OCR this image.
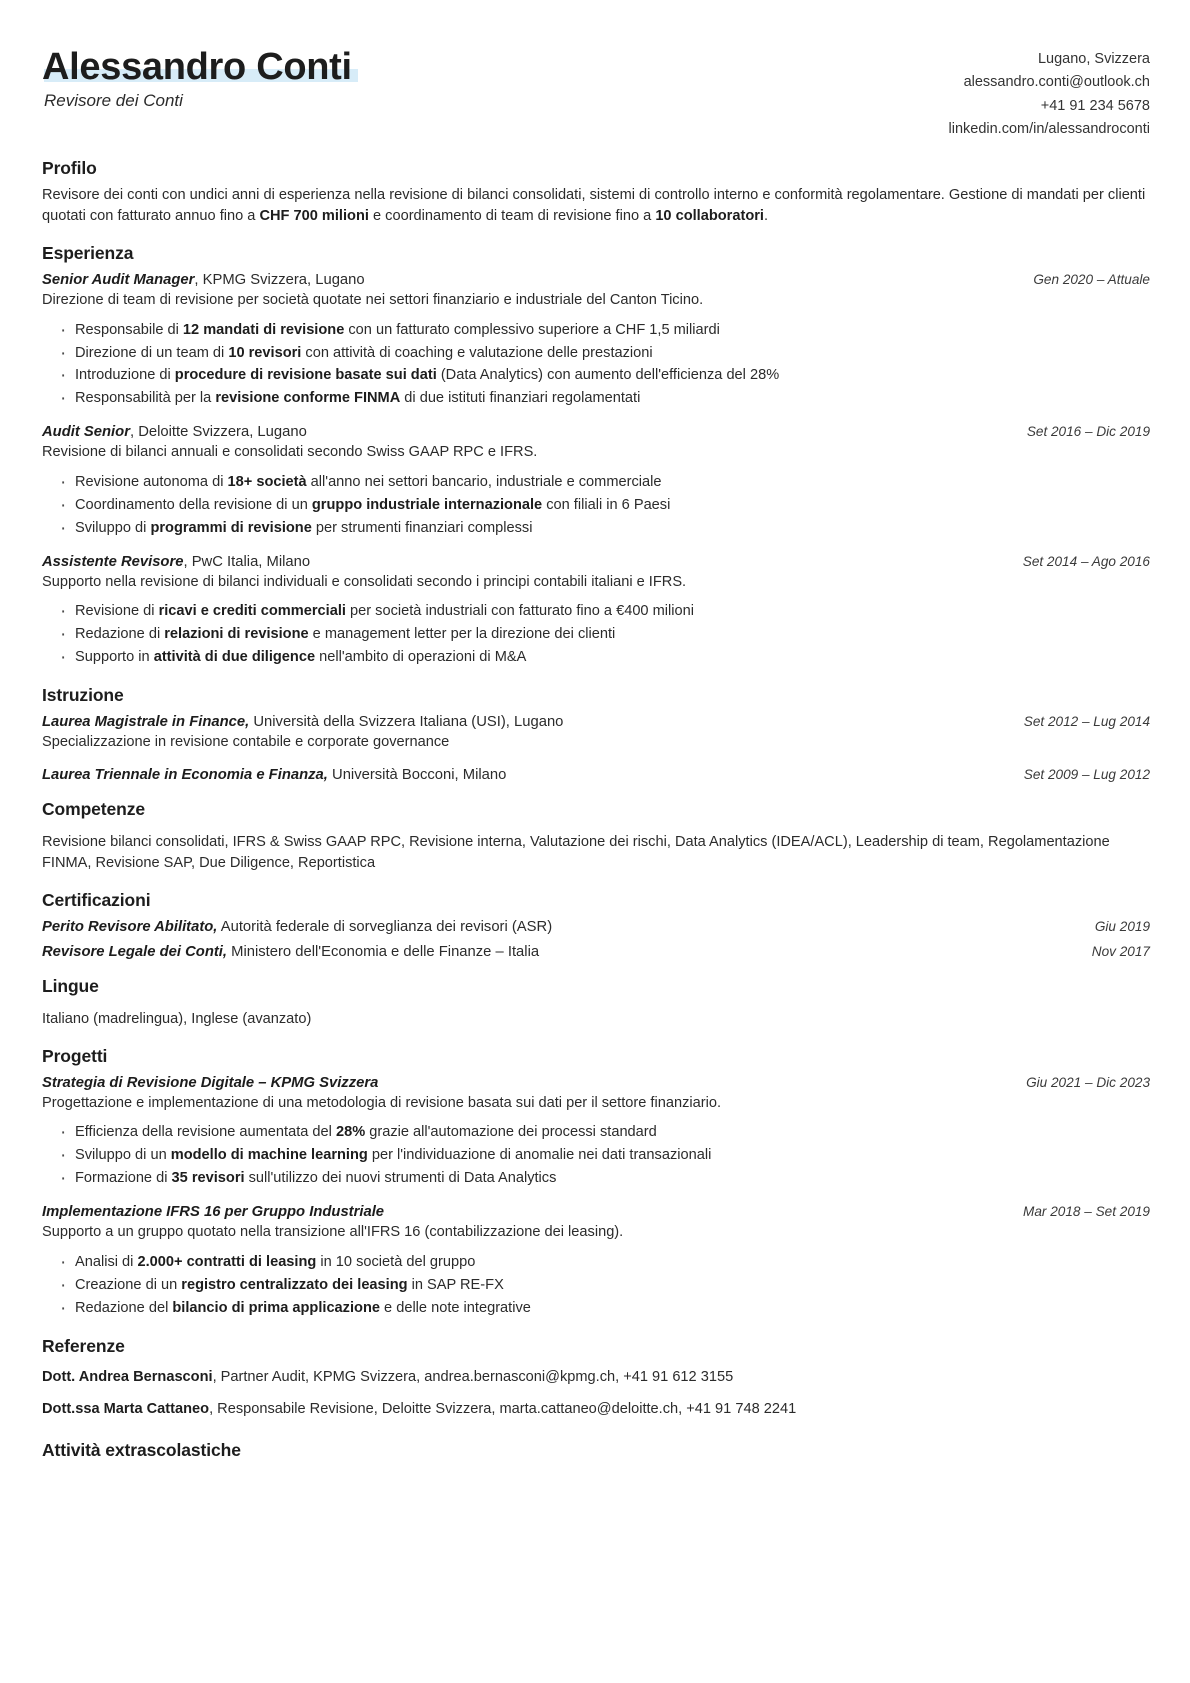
Alessandro Conti
Revisore dei Conti
Lugano, Svizzera
alessandro.conti@outlook.ch
+41 91 234 5678
linkedin.com/in/alessandroconti
Profilo

Revisore dei conti con undici anni di esperienza nella revisione di bilanci consolidati, sistemi di controllo interno e conformità regolamentare. Gestione di mandati per clienti quotati con fatturato annuo fino a CHF 700 milioni e coordinamento di team di revisione fino a 10 collaboratori.

Esperienza
Senior Audit Manager, KPMG Svizzera, Lugano	Gen 2020 – Attuale
Direzione di team di revisione per società quotate nei settori finanziario e industriale del Canton Ticino.
· Responsabile di 12 mandati di revisione con un fatturato complessivo superiore a CHF 1,5 miliardi
· Direzione di un team di 10 revisori con attività di coaching e valutazione delle prestazioni
· Introduzione di procedure di revisione basate sui dati (Data Analytics) con aumento dell'efficienza del 28%
· Responsabilità per la revisione conforme FINMA di due istituti finanziari regolamentati
Audit Senior, Deloitte Svizzera, Lugano	Set 2016 – Dic 2019
Revisione di bilanci annuali e consolidati secondo Swiss GAAP RPC e IFRS.
· Revisione autonoma di 18+ società all'anno nei settori bancario, industriale e commerciale
· Coordinamento della revisione di un gruppo industriale internazionale con filiali in 6 Paesi
· Sviluppo di programmi di revisione per strumenti finanziari complessi
Assistente Revisore, PwC Italia, Milano	Set 2014 – Ago 2016
Supporto nella revisione di bilanci individuali e consolidati secondo i principi contabili italiani e IFRS.
· Revisione di ricavi e crediti commerciali per società industriali con fatturato fino a €400 milioni
· Redazione di relazioni di revisione e management letter per la direzione dei clienti
· Supporto in attività di due diligence nell'ambito di operazioni di M&A
Istruzione
Laurea Magistrale in Finance, Università della Svizzera Italiana (USI), Lugano	Set 2012 – Lug 2014
Specializzazione in revisione contabile e corporate governance
Laurea Triennale in Economia e Finanza, Università Bocconi, Milano	Set 2009 – Lug 2012
Competenze

Revisione bilanci consolidati, IFRS & Swiss GAAP RPC, Revisione interna, Valutazione dei rischi, Data Analytics (IDEA/ACL), Leadership di team, Regolamentazione FINMA, Revisione SAP, Due Diligence, Reportistica

Certificazioni
Perito Revisore Abilitato, Autorità federale di sorveglianza dei revisori (ASR)	Giu 2019
Revisore Legale dei Conti, Ministero dell'Economia e delle Finanze – Italia	Nov 2017
Lingue

Italiano (madrelingua), Inglese (avanzato)

Progetti
Strategia di Revisione Digitale – KPMG Svizzera	Giu 2021 – Dic 2023
Progettazione e implementazione di una metodologia di revisione basata sui dati per il settore finanziario.
· Efficienza della revisione aumentata del 28% grazie all'automazione dei processi standard
· Sviluppo di un modello di machine learning per l'individuazione di anomalie nei dati transazionali
· Formazione di 35 revisori sull'utilizzo dei nuovi strumenti di Data Analytics
Implementazione IFRS 16 per Gruppo Industriale	Mar 2018 – Set 2019
Supporto a un gruppo quotato nella transizione all'IFRS 16 (contabilizzazione dei leasing).
· Analisi di 2.000+ contratti di leasing in 10 società del gruppo
· Creazione di un registro centralizzato dei leasing in SAP RE-FX
· Redazione del bilancio di prima applicazione e delle note integrative
Referenze
Dott. Andrea Bernasconi, Partner Audit, KPMG Svizzera, andrea.bernasconi@kpmg.ch, +41 91 612 3155
Dott.ssa Marta Cattaneo, Responsabile Revisione, Deloitte Svizzera, marta.cattaneo@deloitte.ch, +41 91 748 2241
Attività extrascolastiche
